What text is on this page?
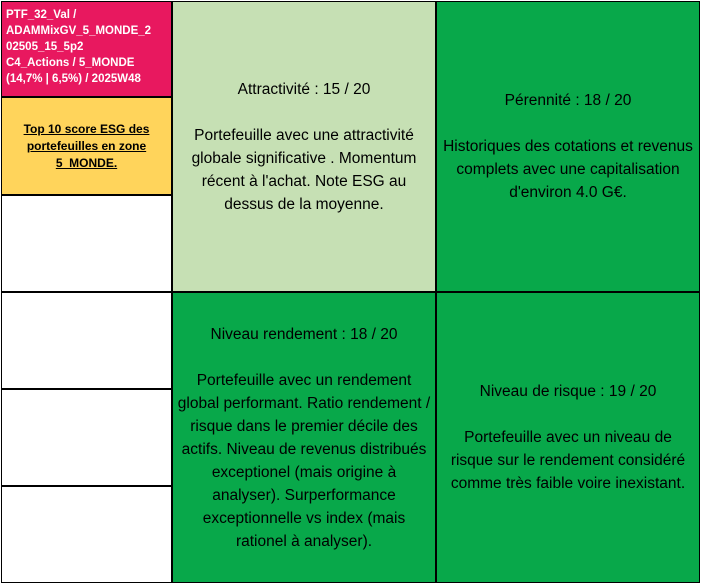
PTF_32_Val /
ADAMMixGV_5_MONDE_2
02505_15_5p2
C4_Actions / 5_MONDE
(14,7% | 6,5%) / 2025W48
Top 10 score ESG des portefeuilles en zone 5_MONDE.
Attractivité : 15 / 20
Portefeuille avec une attractivité globale significative . Momentum récent à l'achat. Note ESG au dessus de la moyenne.
Pérennité : 18 / 20
Historiques des cotations et revenus complets avec une capitalisation d'environ 4.0 G€.
Niveau rendement : 18 / 20
Portefeuille avec un rendement global performant. Ratio rendement / risque dans le premier décile des actifs. Niveau de revenus distribués exceptionel (mais origine à analyser). Surperformance exceptionnelle vs index (mais rationel à analyser).
Niveau de risque : 19 / 20
Portefeuille avec un niveau de risque sur le rendement considéré comme très faible voire inexistant.
